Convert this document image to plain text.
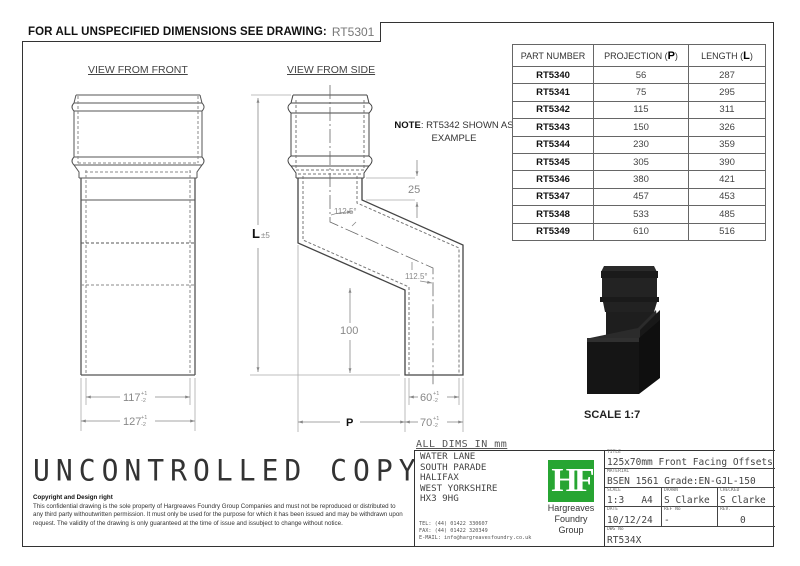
FOR ALL UNSPECIFIED DIMENSIONS SEE DRAWING: RT5301
VIEW FROM FRONT	VIEW FROM SIDE
117 +1
-2
127 +1
-2
L ±5
25
112.5°
112.5°
100
P
60 +1
-2
70 +1
-2
NOTE: RT5342 SHOWN AS EXAMPLE
PART NUMBER	PROJECTION (P)	LENGTH (L)
RT5340	56	287
RT5341	75	295
RT5342	115	311
RT5343	150	326
RT5344	230	359
RT5345	305	390
RT5346	380	421
RT5347	457	453
RT5348	533	485
RT5349	610	516
SCALE 1:7
UNCONTROLLED COPY
Copyright and Design right
This confidential drawing is the sole property of Hargreaves Foundry Group Companies and must not be reproduced or distributed to any third party withoutwritten permission. It must only be used for the purpose for which it has been issued and may be withdrawn upon request. The validity of the drawing is only guaranteed at the time of issue and issubject to change without notice.
ALL DIMS IN mm
WATER LANE
SOUTH PARADE
HALIFAX
WEST YORKSHIRE
HX3 9HG
TEL: (44) 01422 330607
FAX: (44) 01422 320349
E-MAIL: info@hargreavesfoundry.co.uk
HF
Hargreaves
Foundry
Group
TITLE
125x70mm Front Facing Offsets
MATERIAL
BSEN 1561 Grade:EN-GJL-150
SCALE
1:3   A4
DRAWN
S Clarke
CHECKED
S Clarke
DATE
10/12/24
REF No
-
REV.
0
DWG No
RT534X
